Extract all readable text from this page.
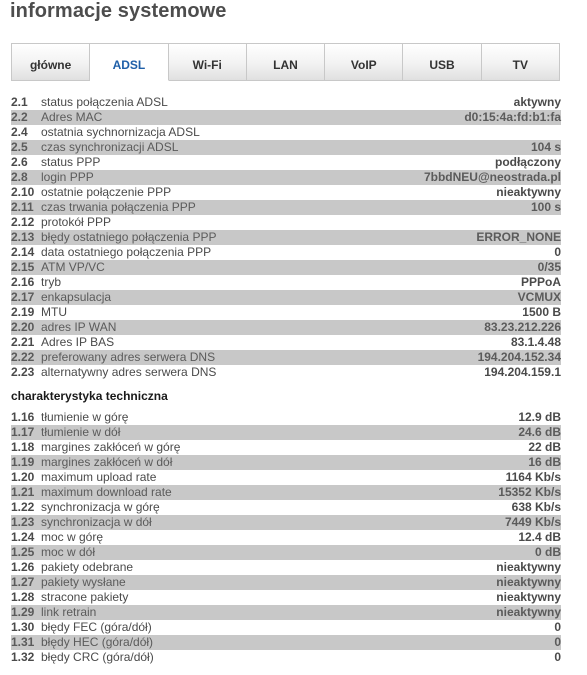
informacje systemowe
główne	ADSL	Wi-Fi	LAN	VoIP	USB	TV
2.1 status połączenia ADSL	aktywny
2.2 Adres MAC	d0:15:4a:fd:b1:fa
2.4 ostatnia sychnornizacja ADSL
2.5 czas synchronizacji ADSL	104 s
2.6 status PPP	podłączony
2.8 login PPP	7bbdNEU@neostrada.pl
2.10 ostatnie połączenie PPP	nieaktywny
2.11 czas trwania połączenia PPP	100 s
2.12 protokół PPP
2.13 błędy ostatniego połączenia PPP	ERROR_NONE
2.14 data ostatniego połączenia PPP	0
2.15 ATM VP/VC	0/35
2.16 tryb	PPPoA
2.17 enkapsulacja	VCMUX
2.19 MTU	1500 B
2.20 adres IP WAN	83.23.212.226
2.21 Adres IP BAS	83.1.4.48
2.22 preferowany adres serwera DNS	194.204.152.34
2.23 alternatywny adres serwera DNS	194.204.159.1
charakterystyka techniczna
1.16 tłumienie w górę	12.9 dB
1.17 tłumienie w dół	24.6 dB
1.18 margines zakłóceń w górę	22 dB
1.19 margines zakłóceń w dół	16 dB
1.20 maximum upload rate	1164 Kb/s
1.21 maximum download rate	15352 Kb/s
1.22 synchronizacja w górę	638 Kb/s
1.23 synchronizacja w dół	7449 Kb/s
1.24 moc w górę	12.4 dB
1.25 moc w dół	0 dB
1.26 pakiety odebrane	nieaktywny
1.27 pakiety wysłane	nieaktywny
1.28 stracone pakiety	nieaktywny
1.29 link retrain	nieaktywny
1.30 błędy FEC (góra/dół)	0
1.31 błędy HEC (góra/dół)	0
1.32 błędy CRC (góra/dół)	0
